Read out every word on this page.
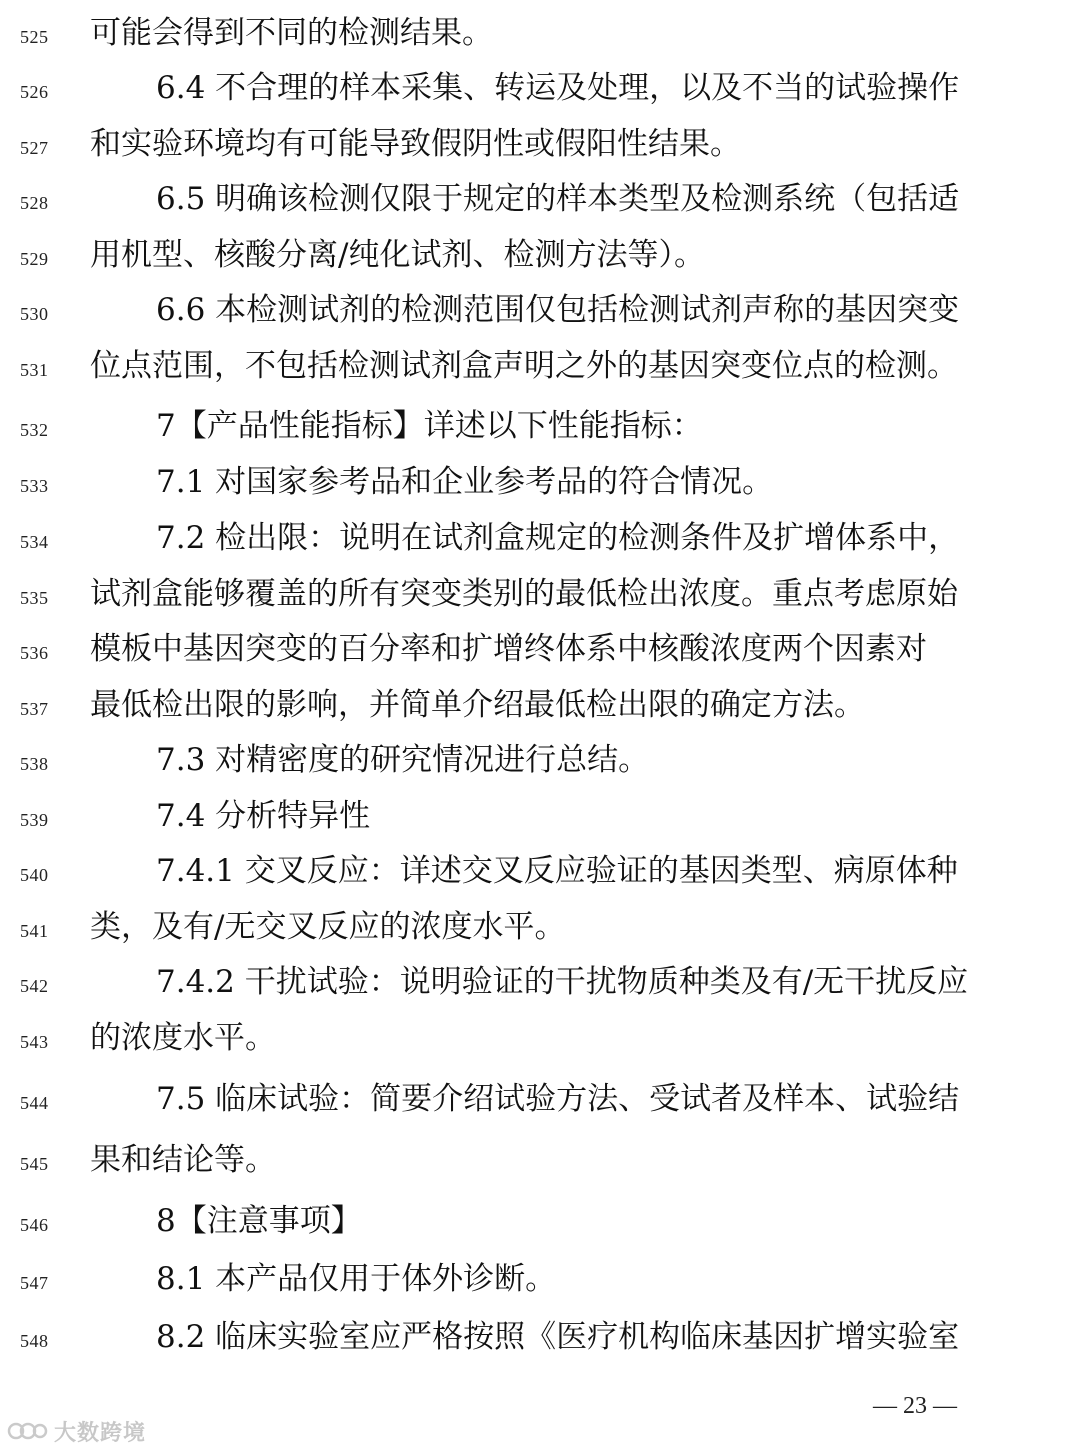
525	可能会得到不同的检测结果。
526	6.4 不合理的样本采集、转运及处理，以及不当的试验操作
527	和实验环境均有可能导致假阴性或假阳性结果。
528	6.5 明确该检测仅限于规定的样本类型及检测系统（包括适
529	用机型、核酸分离/纯化试剂、检测方法等）。
530	6.6 本检测试剂的检测范围仅包括检测试剂声称的基因突变
531	位点范围，不包括检测试剂盒声明之外的基因突变位点的检测。
532	7【产品性能指标】详述以下性能指标：
533	7.1 对国家参考品和企业参考品的符合情况。
534	7.2 检出限：说明在试剂盒规定的检测条件及扩增体系中，
535	试剂盒能够覆盖的所有突变类别的最低检出浓度。重点考虑原始
536	模板中基因突变的百分率和扩增终体系中核酸浓度两个因素对
537	最低检出限的影响，并简单介绍最低检出限的确定方法。
538	7.3 对精密度的研究情况进行总结。
539	7.4 分析特异性
540	7.4.1 交叉反应：详述交叉反应验证的基因类型、病原体种
541	类，及有/无交叉反应的浓度水平。
542	7.4.2 干扰试验：说明验证的干扰物质种类及有/无干扰反应
543	的浓度水平。
544	7.5 临床试验：简要介绍试验方法、受试者及样本、试验结
545	果和结论等。
546	8【注意事项】
547	8.1 本产品仅用于体外诊断。
548	8.2 临床实验室应严格按照《医疗机构临床基因扩增实验室
— 23 —
大数跨境
